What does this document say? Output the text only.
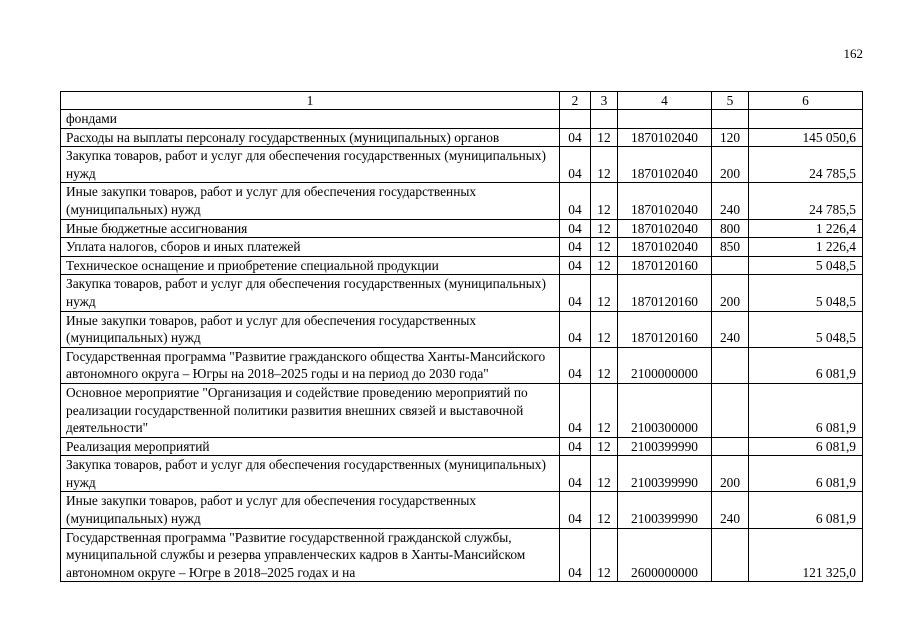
162
1	2	3	4	5	6
фондами					
Расходы на выплаты персоналу государственных (муниципальных) органов	04	12	1870102040	120	145 050,6
Закупка товаров, работ и услуг для обеспечения государственных (муниципальных) нужд	04	12	1870102040	200	24 785,5
Иные закупки товаров, работ и услуг для обеспечения государственных (муниципальных) нужд	04	12	1870102040	240	24 785,5
Иные бюджетные ассигнования	04	12	1870102040	800	1 226,4
Уплата налогов, сборов и иных платежей	04	12	1870102040	850	1 226,4
Техническое оснащение и приобретение специальной продукции	04	12	1870120160		5 048,5
Закупка товаров, работ и услуг для обеспечения государственных (муниципальных) нужд	04	12	1870120160	200	5 048,5
Иные закупки товаров, работ и услуг для обеспечения государственных (муниципальных) нужд	04	12	1870120160	240	5 048,5
Государственная программа "Развитие гражданского общества Ханты-Мансийского автономного округа – Югры на 2018–2025 годы и на период до 2030 года"	04	12	2100000000		6 081,9
Основное мероприятие "Организация и содействие проведению мероприятий по реализации государственной политики развития внешних связей и выставочной деятельности"	04	12	2100300000		6 081,9
Реализация мероприятий	04	12	2100399990		6 081,9
Закупка товаров, работ и услуг для обеспечения государственных (муниципальных) нужд	04	12	2100399990	200	6 081,9
Иные закупки товаров, работ и услуг для обеспечения государственных (муниципальных) нужд	04	12	2100399990	240	6 081,9
Государственная программа "Развитие государственной гражданской службы, муниципальной службы и резерва управленческих кадров в Ханты-Мансийском автономном округе – Югре в 2018–2025 годах и на	04	12	2600000000		121 325,0
